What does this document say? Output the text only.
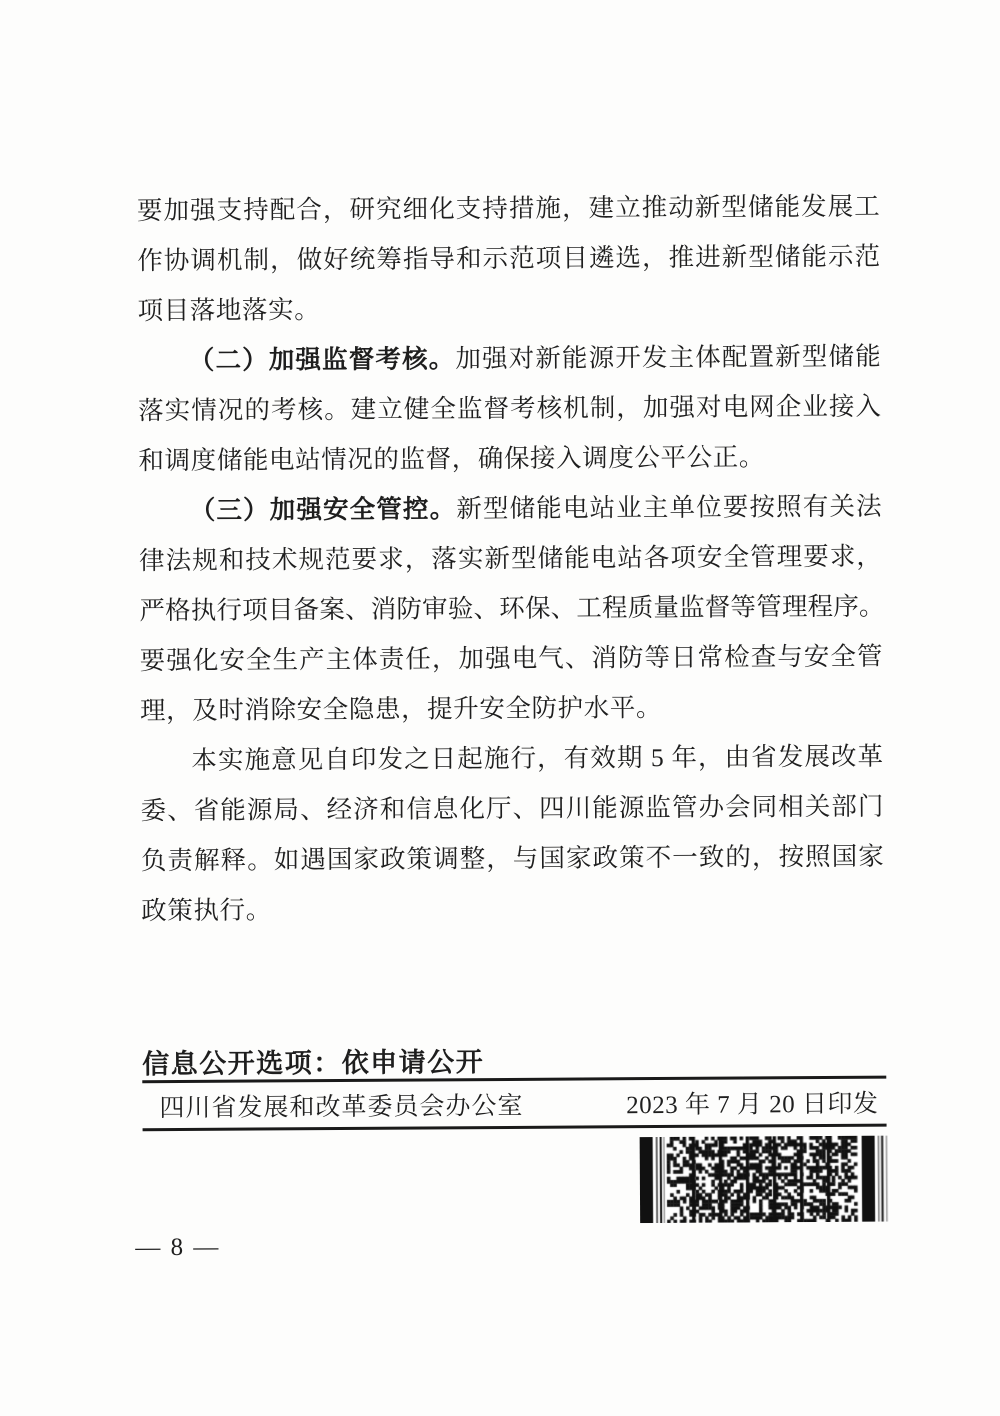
要加强支持配合，研究细化支持措施，建立推动新型储能发展工
作协调机制，做好统筹指导和示范项目遴选，推进新型储能示范
项目落地落实。
（二）加强监督考核。加强对新能源开发主体配置新型储能
落实情况的考核。建立健全监督考核机制，加强对电网企业接入
和调度储能电站情况的监督，确保接入调度公平公正。
（三）加强安全管控。新型储能电站业主单位要按照有关法
律法规和技术规范要求，落实新型储能电站各项安全管理要求，
严格执行项目备案、消防审验、环保、工程质量监督等管理程序。
要强化安全生产主体责任，加强电气、消防等日常检查与安全管
理，及时消除安全隐患，提升安全防护水平。
本实施意见自印发之日起施行，有效期 5 年，由省发展改革
委、省能源局、经济和信息化厅、四川能源监管办会同相关部门
负责解释。如遇国家政策调整，与国家政策不一致的，按照国家
政策执行。
信息公开选项：依申请公开
四川省发展和改革委员会办公室	2023 年 7 月 20 日印发
— 8 —
